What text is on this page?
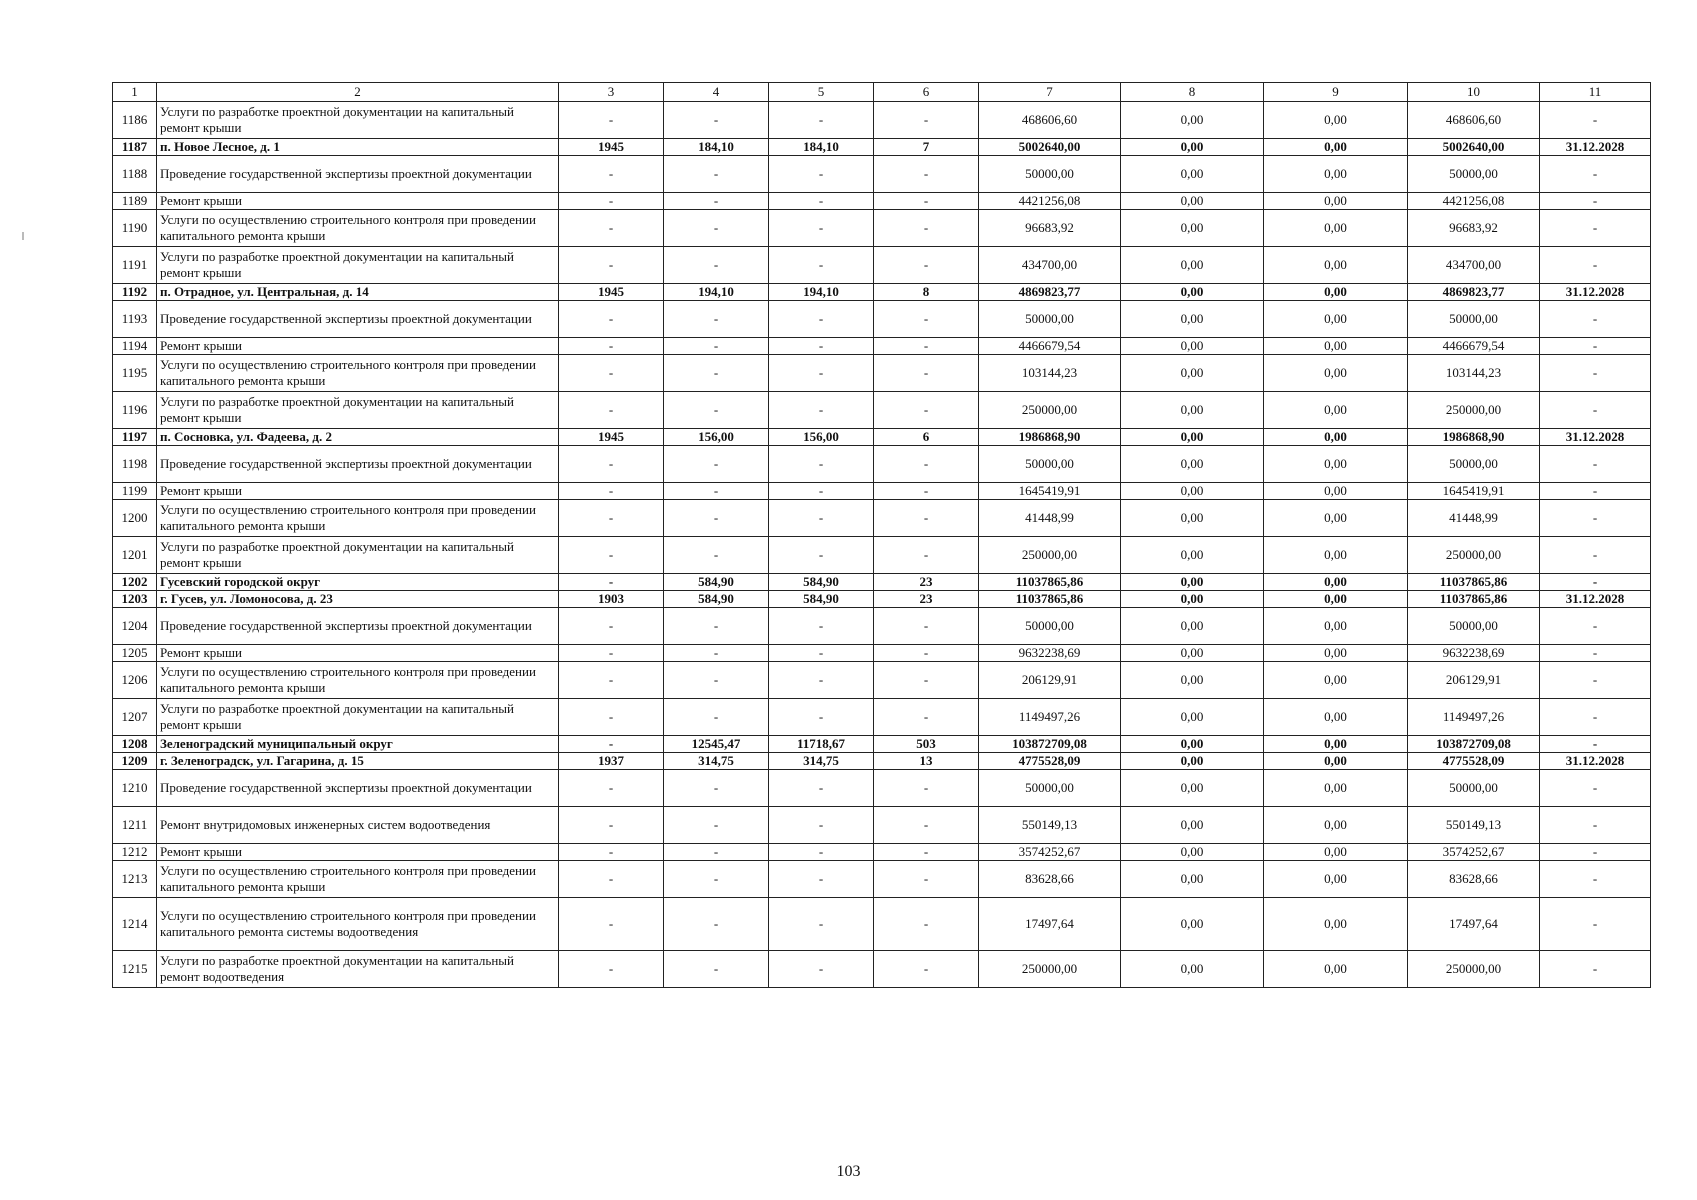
1	2	3	4	5	6	7	8	9	10	11
1186	Услуги по разработке проектной документации на капитальный ремонт крыши	-	-	-	-	468606,60	0,00	0,00	468606,60	-
1187	п. Новое Лесное, д. 1	1945	184,10	184,10	7	5002640,00	0,00	0,00	5002640,00	31.12.2028
1188	Проведение государственной экспертизы проектной документации	-	-	-	-	50000,00	0,00	0,00	50000,00	-
1189	Ремонт крыши	-	-	-	-	4421256,08	0,00	0,00	4421256,08	-
1190	Услуги по осуществлению строительного контроля при проведении капитального ремонта крыши	-	-	-	-	96683,92	0,00	0,00	96683,92	-
1191	Услуги по разработке проектной документации на капитальный ремонт крыши	-	-	-	-	434700,00	0,00	0,00	434700,00	-
1192	п. Отрадное, ул. Центральная, д. 14	1945	194,10	194,10	8	4869823,77	0,00	0,00	4869823,77	31.12.2028
1193	Проведение государственной экспертизы проектной документации	-	-	-	-	50000,00	0,00	0,00	50000,00	-
1194	Ремонт крыши	-	-	-	-	4466679,54	0,00	0,00	4466679,54	-
1195	Услуги по осуществлению строительного контроля при проведении капитального ремонта крыши	-	-	-	-	103144,23	0,00	0,00	103144,23	-
1196	Услуги по разработке проектной документации на капитальный ремонт крыши	-	-	-	-	250000,00	0,00	0,00	250000,00	-
1197	п. Сосновка, ул. Фадеева, д. 2	1945	156,00	156,00	6	1986868,90	0,00	0,00	1986868,90	31.12.2028
1198	Проведение государственной экспертизы проектной документации	-	-	-	-	50000,00	0,00	0,00	50000,00	-
1199	Ремонт крыши	-	-	-	-	1645419,91	0,00	0,00	1645419,91	-
1200	Услуги по осуществлению строительного контроля при проведении капитального ремонта крыши	-	-	-	-	41448,99	0,00	0,00	41448,99	-
1201	Услуги по разработке проектной документации на капитальный ремонт крыши	-	-	-	-	250000,00	0,00	0,00	250000,00	-
1202	Гусевский городской округ	-	584,90	584,90	23	11037865,86	0,00	0,00	11037865,86	-
1203	г. Гусев, ул. Ломоносова, д. 23	1903	584,90	584,90	23	11037865,86	0,00	0,00	11037865,86	31.12.2028
1204	Проведение государственной экспертизы проектной документации	-	-	-	-	50000,00	0,00	0,00	50000,00	-
1205	Ремонт крыши	-	-	-	-	9632238,69	0,00	0,00	9632238,69	-
1206	Услуги по осуществлению строительного контроля при проведении капитального ремонта крыши	-	-	-	-	206129,91	0,00	0,00	206129,91	-
1207	Услуги по разработке проектной документации на капитальный ремонт крыши	-	-	-	-	1149497,26	0,00	0,00	1149497,26	-
1208	Зеленоградский муниципальный округ	-	12545,47	11718,67	503	103872709,08	0,00	0,00	103872709,08	-
1209	г. Зеленоградск, ул. Гагарина, д. 15	1937	314,75	314,75	13	4775528,09	0,00	0,00	4775528,09	31.12.2028
1210	Проведение государственной экспертизы проектной документации	-	-	-	-	50000,00	0,00	0,00	50000,00	-
1211	Ремонт внутридомовых инженерных систем водоотведения	-	-	-	-	550149,13	0,00	0,00	550149,13	-
1212	Ремонт крыши	-	-	-	-	3574252,67	0,00	0,00	3574252,67	-
1213	Услуги по осуществлению строительного контроля при проведении капитального ремонта крыши	-	-	-	-	83628,66	0,00	0,00	83628,66	-
1214	Услуги по осуществлению строительного контроля при проведении капитального ремонта системы водоотведения	-	-	-	-	17497,64	0,00	0,00	17497,64	-
1215	Услуги по разработке проектной документации на капитальный ремонт водоотведения	-	-	-	-	250000,00	0,00	0,00	250000,00	-
103
